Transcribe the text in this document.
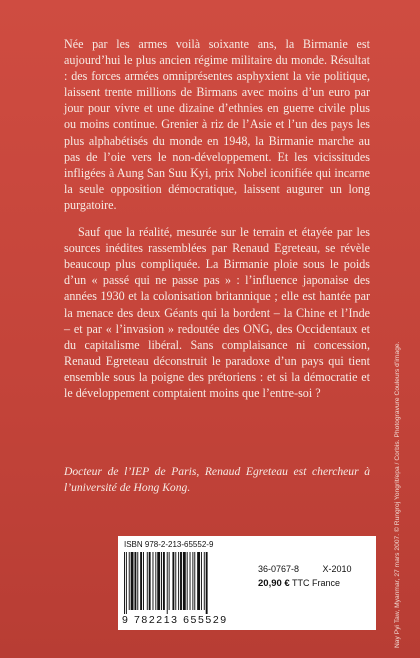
Née par les armes voilà soixante ans, la Birmanie est aujourd’hui le plus ancien régime militaire du monde. Résultat : des forces armées omniprésentes asphyxient la vie politique, laissent trente millions de Birmans avec moins d’un euro par jour pour vivre et une dizaine d’ethnies en guerre civile plus ou moins continue. Grenier à riz de l’Asie et l’un des pays les plus alphabétisés du monde en 1948, la Birmanie marche au pas de l’oie vers le non-développement. Et les vicissitudes infligées à Aung San Suu Kyi, prix Nobel iconifiée qui incarne la seule opposition démocratique, laissent augurer un long purgatoire.

Sauf que la réalité, mesurée sur le terrain et étayée par les sources inédites rassemblées par Renaud Egreteau, se révèle beaucoup plus compliquée. La Birmanie ploie sous le poids d’un « passé qui ne passe pas » : l’influence japonaise des années 1930 et la colonisation britannique ; elle est hantée par la menace des deux Géants qui la bordent – la Chine et l’Inde – et par « l’invasion » redoutée des ONG, des Occidentaux et du capitalisme libéral. Sans complaisance ni concession, Renaud Egreteau déconstruit le paradoxe d’un pays qui tient ensemble sous la poigne des prétoriens : et si la démocratie et le développement comptaient moins que l’entre-soi ?

Docteur de l’IEP de Paris, Renaud Egreteau est chercheur à l’université de Hong Kong.	Nay Pyi Taw, Myanmar, 27 mars 2007. © Rungroj Yongrit/epa / Corbis. Photogravure Couleurs d’image.
ISBN 978-2-213-65552-9
9 782213 655529
36-0767-8	X-2010
20,90 € TTC France
